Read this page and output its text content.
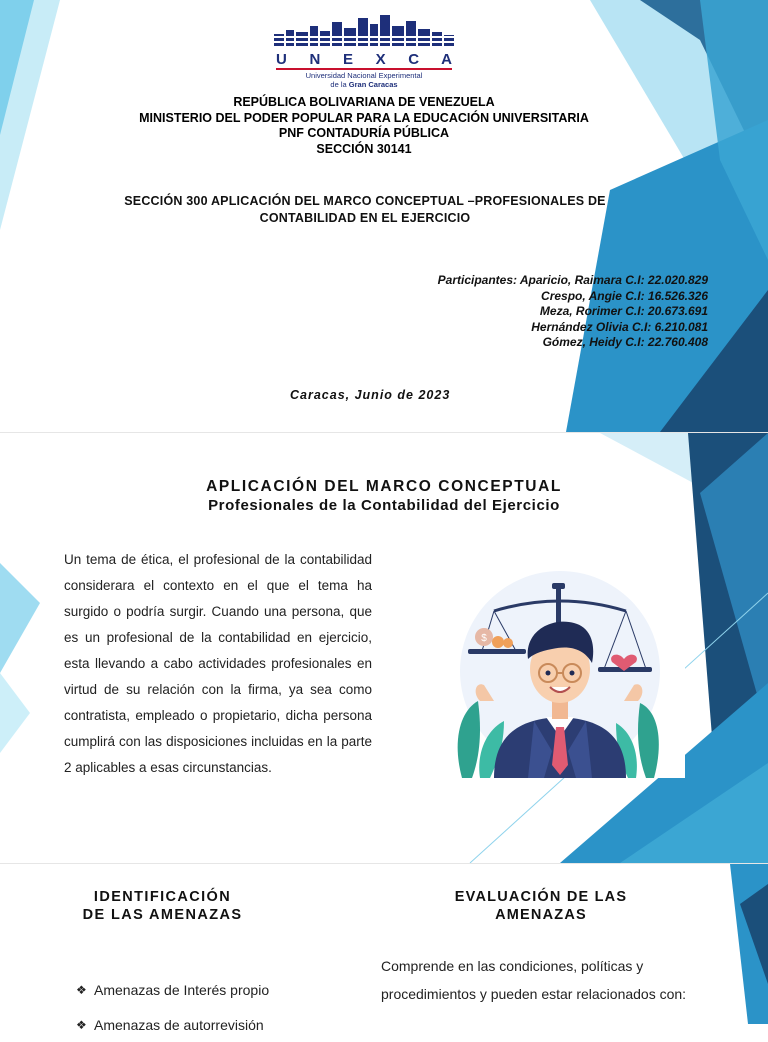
U N E X C A
Universidad Nacional Experimental
de la Gran Caracas
REPÚBLICA BOLIVARIANA DE VENEZUELA
MINISTERIO DEL PODER POPULAR PARA LA EDUCACIÓN UNIVERSITARIA
PNF CONTADURÍA PÚBLICA
SECCIÓN 30141
SECCIÓN 300 APLICACIÓN DEL MARCO CONCEPTUAL –PROFESIONALES DE
CONTABILIDAD EN EL EJERCICIO
Participantes: Aparicio, Raimara C.I: 22.020.829
Crespo, Angie C.I: 16.526.326
Meza, Rorimer C.I: 20.673.691
Hernández Olivia C.I: 6.210.081
Gómez, Heidy C.I: 22.760.408
Caracas, Junio de 2023
APLICACIÓN DEL MARCO CONCEPTUAL
Profesionales de la Contabilidad del Ejercicio
Un tema de ética, el profesional de la contabilidad considerara el contexto en el que el tema ha surgido o podría surgir. Cuando una persona, que es un profesional de la contabilidad en ejercicio, esta llevando a cabo actividades profesionales en virtud de su relación con la firma, ya sea como contratista, empleado o propietario, dicha persona cumplirá con las disposiciones incluidas en la parte 2 aplicables a esas circunstancias.
$
IDENTIFICACIÓN
DE LAS AMENAZAS
EVALUACIÓN DE LAS
AMENAZAS
❖ Amenazas de Interés propio
❖ Amenazas de autorrevisión
Comprende en las condiciones, políticas y procedimientos y pueden estar relacionados con:
